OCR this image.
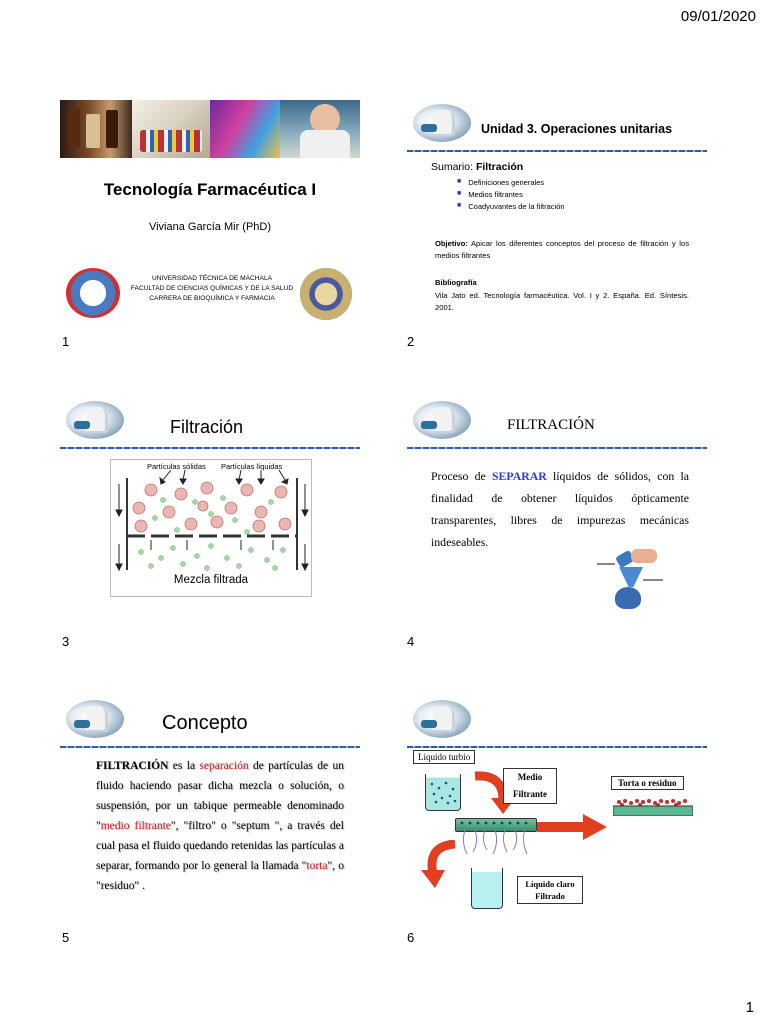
09/01/2020
Tecnología Farmacéutica I
Viviana García Mir (PhD)
UNIVERSIDAD TÉCNICA DE MACHALA
FACULTAD DE CIENCIAS QUÍMICAS Y DE LA SALUD
CARRERA DE BIOQUÍMICA Y FARMACIA
1
Unidad 3. Operaciones unitarias
Sumario: Filtración
■ Definiciones generales
■ Medios filtrantes
■ Coadyuvantes de la filtración
Objetivo: Apicar los diferentes conceptos del proceso de filtración y los medios filtrantes
Bibliografía
Vila Jato ed. Tecnología farmacéutica. Vol. I y 2. España. Ed. Síntesis. 2001.
2
Filtración
Partículas sólidas Partículas líquidas
Mezcla filtrada
3
FILTRACIÓN
Proceso de SEPARAR líquidos de sólidos, con la finalidad de obtener líquidos ópticamente transparentes, libres de impurezas mecánicas indeseables.
4
Concepto
FILTRACIÓN es la separación de partículas de un fluido haciendo pasar dicha mezcla o solución, o suspensión, por un tabique permeable denominado "medio filtrante", "filtro" o "septum ", a través del cual pasa el fluido quedando retenidas las partículas a separar, formando por lo general la llamada "torta", o "residuo" .
5
Líquido turbio
Medio
Filtrante
Torta o residuo
Líquido claro
Filtrado
6
1
